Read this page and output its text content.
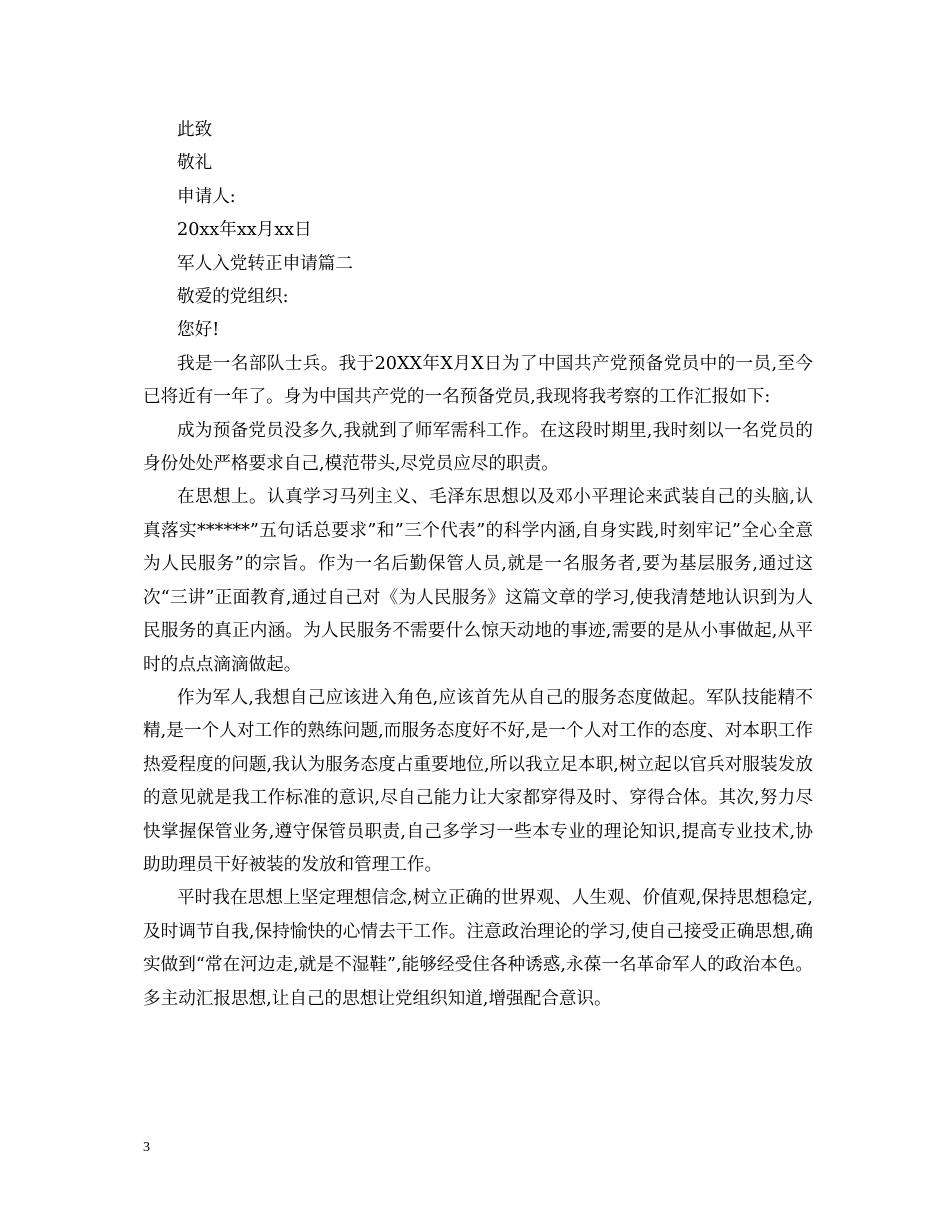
此致

敬礼

申请人:

20xx年xx月xx日

军人入党转正申请篇二

敬爱的党组织:

您好!

我是一名部队士兵。我于20XX年X月X日为了中国共产党预备党员中的一员,至今已将近有一年了。身为中国共产党的一名预备党员,我现将我考察的工作汇报如下:

成为预备党员没多久,我就到了师军需科工作。在这段时期里,我时刻以一名党员的身份处处严格要求自己,模范带头,尽党员应尽的职责。

在思想上。认真学习马列主义、毛泽东思想以及邓小平理论来武装自己的头脑,认真落实******”五句话总要求”和”三个代表”的科学内涵,自身实践,时刻牢记”全心全意为人民服务”的宗旨。作为一名后勤保管人员,就是一名服务者,要为基层服务,通过这次“三讲”正面教育,通过自己对《为人民服务》这篇文章的学习,使我清楚地认识到为人民服务的真正内涵。为人民服务不需要什么惊天动地的事迹,需要的是从小事做起,从平时的点点滴滴做起。

作为军人,我想自己应该进入角色,应该首先从自己的服务态度做起。军队技能精不精,是一个人对工作的熟练问题,而服务态度好不好,是一个人对工作的态度、对本职工作热爱程度的问题,我认为服务态度占重要地位,所以我立足本职,树立起以官兵对服装发放的意见就是我工作标准的意识,尽自己能力让大家都穿得及时、穿得合体。其次,努力尽快掌握保管业务,遵守保管员职责,自己多学习一些本专业的理论知识,提高专业技术,协助助理员干好被装的发放和管理工作。

平时我在思想上坚定理想信念,树立正确的世界观、人生观、价值观,保持思想稳定,及时调节自我,保持愉快的心情去干工作。注意政治理论的学习,使自己接受正确思想,确实做到“常在河边走,就是不湿鞋”,能够经受住各种诱惑,永葆一名革命军人的政治本色。多主动汇报思想,让自己的思想让党组织知道,增强配合意识。

3
